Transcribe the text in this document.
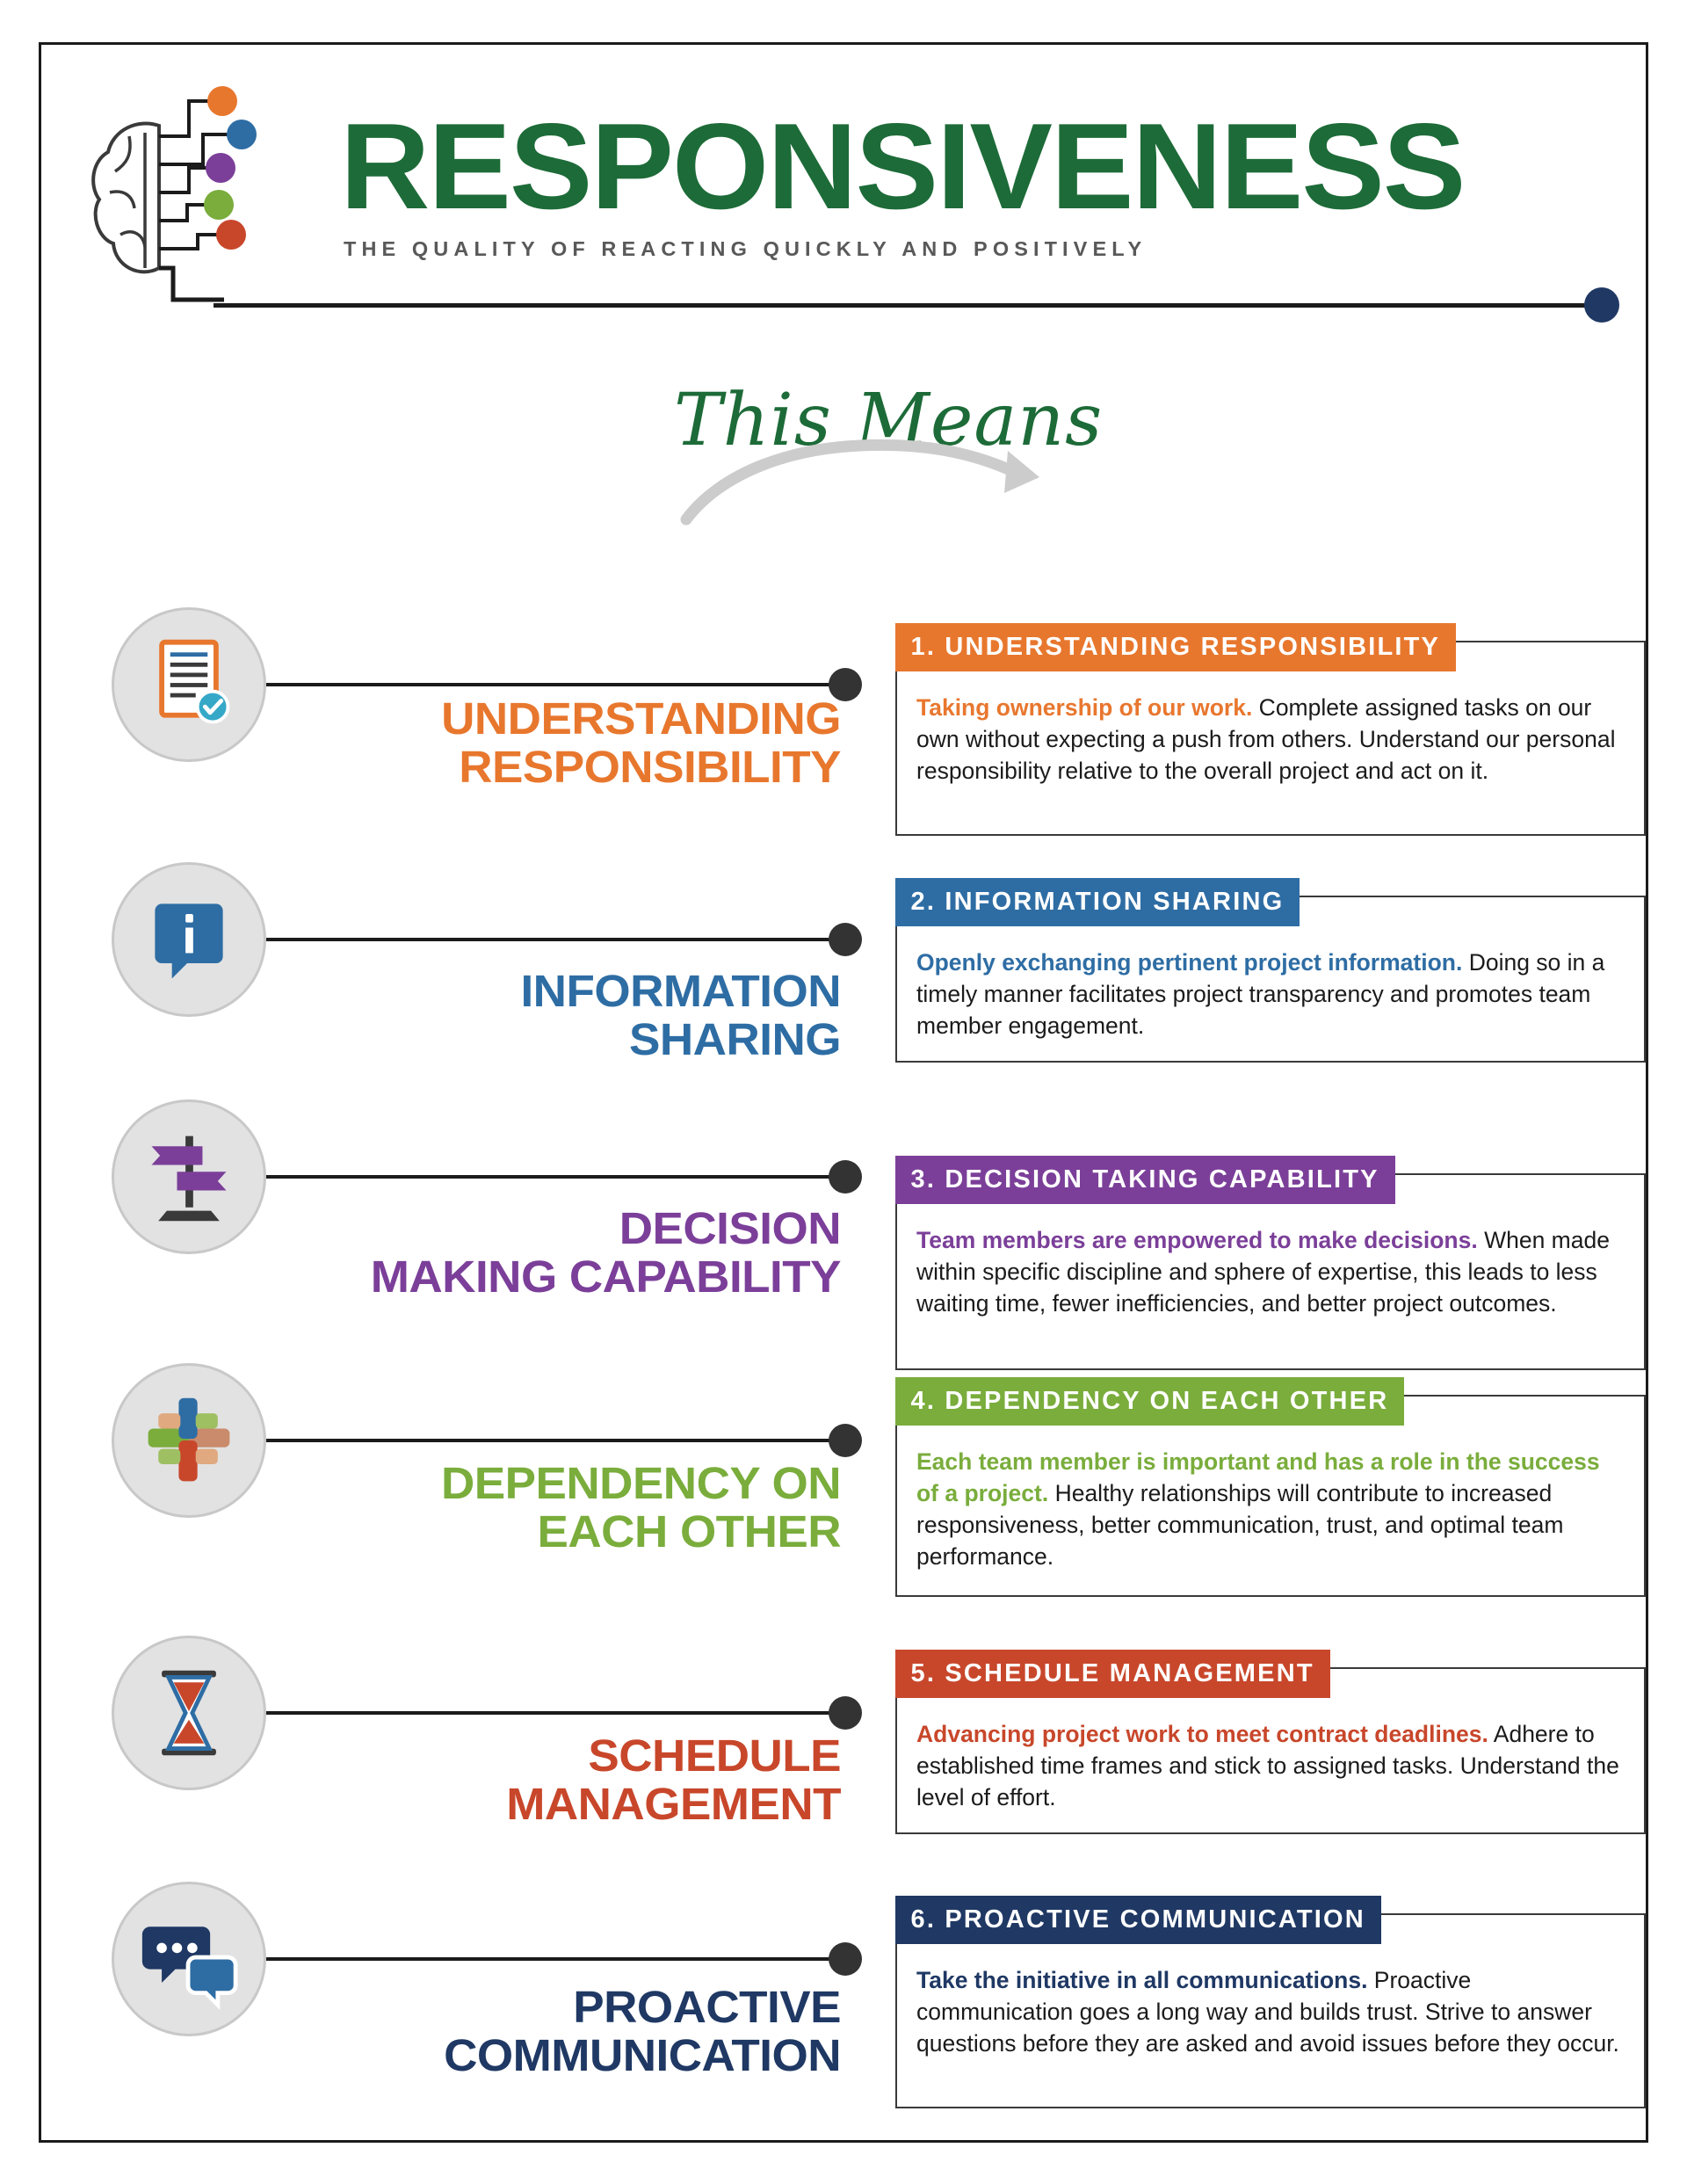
RESPONSIVENESS
THE QUALITY OF REACTING QUICKLY AND POSITIVELY
This Means
UNDERSTANDING
RESPONSIBILITY
1. UNDERSTANDING RESPONSIBILITY
Taking ownership of our work. Complete assigned tasks on our own without expecting a push from others. Understand our personal responsibility relative to the overall project and act on it.
INFORMATION
SHARING
2. INFORMATION SHARING
Openly exchanging pertinent project information. Doing so in a timely manner facilitates project transparency and promotes team member engagement.
DECISION
MAKING CAPABILITY
3. DECISION TAKING CAPABILITY
Team members are empowered to make decisions. When made within specific discipline and sphere of expertise, this leads to less waiting time, fewer inefficiencies, and better project outcomes.
DEPENDENCY ON
EACH OTHER
4. DEPENDENCY ON EACH OTHER
Each team member is important and has a role in the success of a project. Healthy relationships will contribute to increased responsiveness, better communication, trust, and optimal team performance.
SCHEDULE
MANAGEMENT
5. SCHEDULE MANAGEMENT
Advancing project work to meet contract deadlines. Adhere to established time frames and stick to assigned tasks. Understand the level of effort.
PROACTIVE
COMMUNICATION
6. PROACTIVE COMMUNICATION
Take the initiative in all communications. Proactive communication goes a long way and builds trust. Strive to answer questions before they are asked and avoid issues before they occur.
